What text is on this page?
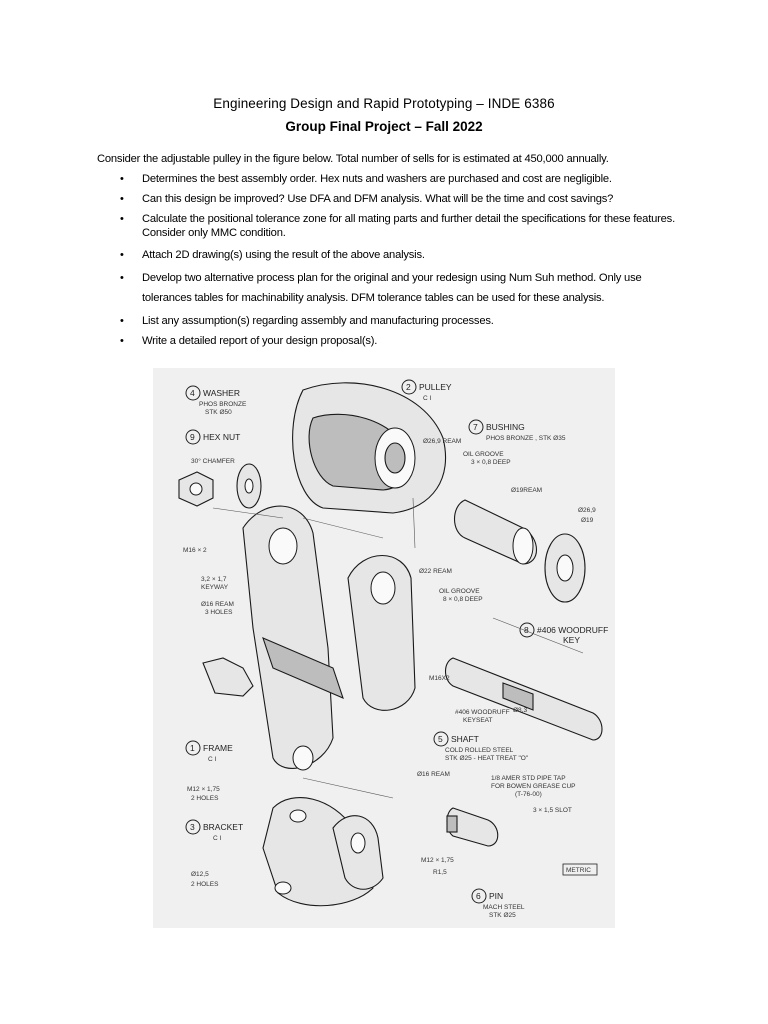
Engineering Design and Rapid Prototyping – INDE 6386
Group Final Project – Fall 2022
Consider the adjustable pulley in the figure below. Total number of sells for is estimated at 450,000 annually.
• Determines the best assembly order. Hex nuts and washers are purchased and cost are negligible.
• Can this design be improved? Use DFA and DFM analysis. What will be the time and cost savings?
• Calculate the positional tolerance zone for all mating parts and further detail the specifications for these features. Consider only MMC condition.
• Attach 2D drawing(s) using the result of the above analysis.
• Develop two alternative process plan for the original and your redesign using Num Suh method. Only use tolerances tables for machinability analysis. DFM tolerance tables can be used for these analysis.
• List any assumption(s) regarding assembly and manufacturing processes.
• Write a detailed report of your design proposal(s).
4 WASHER
PHOS BRONZE
STK Ø50
9 HEX NUT
30° CHAMFER
M16 × 2
2 PULLEY
C I
Ø26,9 REAM
7 BUSHING
PHOS BRONZE , STK Ø35
OIL GROOVE
3 × 0,8 DEEP
Ø19REAM
Ø26,9
Ø19
3,2 × 1,7
KEYWAY
Ø16 REAM
3 HOLES
Ø22 REAM
OIL GROOVE
8 × 0,8 DEEP
8 #406 WOODRUFF
KEY
M16X2
#406 WOODRUFF
KEYSEAT
Ø8,3
1 FRAME
C I
5 SHAFT
COLD ROLLED STEEL
STK Ø25 - HEAT TREAT "O"
Ø16 REAM
1/8 AMER STD PIPE TAP
FOR BOWEN GREASE CUP
(T-76-00)
M12 × 1,75
2 HOLES
3 BRACKET
C I
Ø12,5
2 HOLES
3 × 1,5 SLOT
M12 × 1,75
R1,5
6 PIN
MACH STEEL
STK Ø25
METRIC
